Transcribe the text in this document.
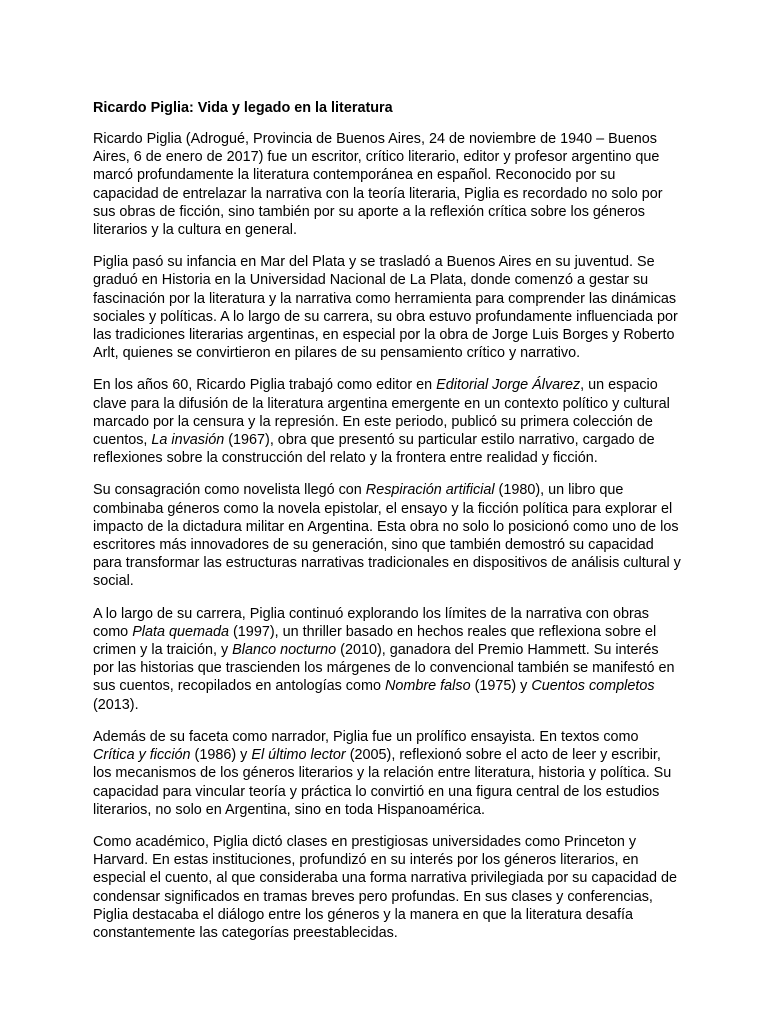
Ricardo Piglia: Vida y legado en la literatura

Ricardo Piglia (Adrogué, Provincia de Buenos Aires, 24 de noviembre de 1940 – Buenos Aires, 6 de enero de 2017) fue un escritor, crítico literario, editor y profesor argentino que marcó profundamente la literatura contemporánea en español. Reconocido por su capacidad de entrelazar la narrativa con la teoría literaria, Piglia es recordado no solo por sus obras de ficción, sino también por su aporte a la reflexión crítica sobre los géneros literarios y la cultura en general.

Piglia pasó su infancia en Mar del Plata y se trasladó a Buenos Aires en su juventud. Se graduó en Historia en la Universidad Nacional de La Plata, donde comenzó a gestar su fascinación por la literatura y la narrativa como herramienta para comprender las dinámicas sociales y políticas. A lo largo de su carrera, su obra estuvo profundamente influenciada por las tradiciones literarias argentinas, en especial por la obra de Jorge Luis Borges y Roberto Arlt, quienes se convirtieron en pilares de su pensamiento crítico y narrativo.

En los años 60, Ricardo Piglia trabajó como editor en Editorial Jorge Álvarez, un espacio clave para la difusión de la literatura argentina emergente en un contexto político y cultural marcado por la censura y la represión. En este periodo, publicó su primera colección de cuentos, La invasión (1967), obra que presentó su particular estilo narrativo, cargado de reflexiones sobre la construcción del relato y la frontera entre realidad y ficción.

Su consagración como novelista llegó con Respiración artificial (1980), un libro que combinaba géneros como la novela epistolar, el ensayo y la ficción política para explorar el impacto de la dictadura militar en Argentina. Esta obra no solo lo posicionó como uno de los escritores más innovadores de su generación, sino que también demostró su capacidad para transformar las estructuras narrativas tradicionales en dispositivos de análisis cultural y social.

A lo largo de su carrera, Piglia continuó explorando los límites de la narrativa con obras como Plata quemada (1997), un thriller basado en hechos reales que reflexiona sobre el crimen y la traición, y Blanco nocturno (2010), ganadora del Premio Hammett. Su interés por las historias que trascienden los márgenes de lo convencional también se manifestó en sus cuentos, recopilados en antologías como Nombre falso (1975) y Cuentos completos (2013).

Además de su faceta como narrador, Piglia fue un prolífico ensayista. En textos como Crítica y ficción (1986) y El último lector (2005), reflexionó sobre el acto de leer y escribir, los mecanismos de los géneros literarios y la relación entre literatura, historia y política. Su capacidad para vincular teoría y práctica lo convirtió en una figura central de los estudios literarios, no solo en Argentina, sino en toda Hispanoamérica.

Como académico, Piglia dictó clases en prestigiosas universidades como Princeton y Harvard. En estas instituciones, profundizó en su interés por los géneros literarios, en especial el cuento, al que consideraba una forma narrativa privilegiada por su capacidad de condensar significados en tramas breves pero profundas. En sus clases y conferencias, Piglia destacaba el diálogo entre los géneros y la manera en que la literatura desafía constantemente las categorías preestablecidas.
